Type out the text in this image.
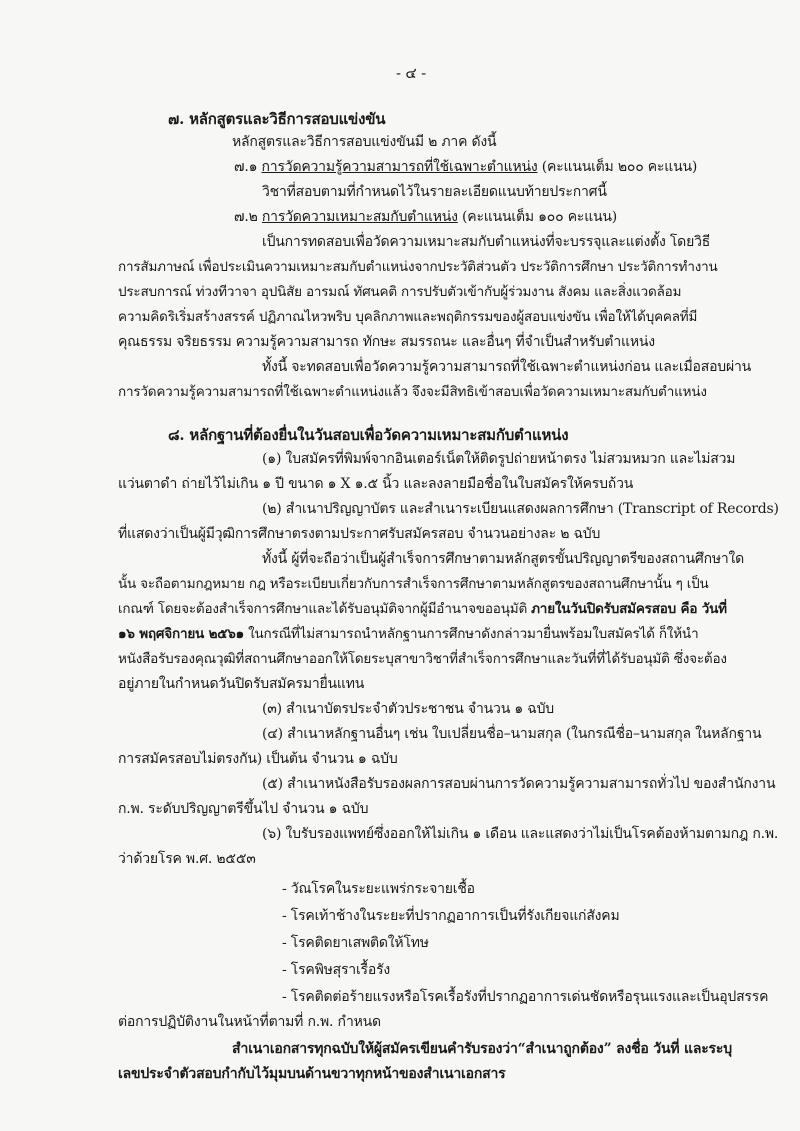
- ๔ -
๗. หลักสูตรและวิธีการสอบแข่งขัน
หลักสูตรและวิธีการสอบแข่งขันมี ๒ ภาค ดังนี้
๗.๑ การวัดความรู้ความสามารถที่ใช้เฉพาะตำแหน่ง (คะแนนเต็ม ๒๐๐ คะแนน)
วิชาที่สอบตามที่กำหนดไว้ในรายละเอียดแนบท้ายประกาศนี้
๗.๒ การวัดความเหมาะสมกับตำแหน่ง (คะแนนเต็ม ๑๐๐ คะแนน)
เป็นการทดสอบเพื่อวัดความเหมาะสมกับตำแหน่งที่จะบรรจุและแต่งตั้ง โดยวิธี
การสัมภาษณ์ เพื่อประเมินความเหมาะสมกับตำแหน่งจากประวัติส่วนตัว ประวัติการศึกษา ประวัติการทำงาน
ประสบการณ์ ท่วงทีวาจา อุปนิสัย อารมณ์ ทัศนคติ การปรับตัวเข้ากับผู้ร่วมงาน สังคม และสิ่งแวดล้อม
ความคิดริเริ่มสร้างสรรค์ ปฏิภาณไหวพริบ บุคลิกภาพและพฤติกรรมของผู้สอบแข่งขัน เพื่อให้ได้บุคคลที่มี
คุณธรรม จริยธรรม ความรู้ความสามารถ ทักษะ สมรรถนะ และอื่นๆ ที่จำเป็นสำหรับตำแหน่ง
ทั้งนี้ จะทดสอบเพื่อวัดความรู้ความสามารถที่ใช้เฉพาะตำแหน่งก่อน และเมื่อสอบผ่าน
การวัดความรู้ความสามารถที่ใช้เฉพาะตำแหน่งแล้ว จึงจะมีสิทธิเข้าสอบเพื่อวัดความเหมาะสมกับตำแหน่ง
๘. หลักฐานที่ต้องยื่นในวันสอบเพื่อวัดความเหมาะสมกับตำแหน่ง
(๑) ใบสมัครที่พิมพ์จากอินเตอร์เน็ตให้ติดรูปถ่ายหน้าตรง ไม่สวมหมวก และไม่สวม
แว่นตาดำ ถ่ายไว้ไม่เกิน ๑ ปี ขนาด ๑ X ๑.๕ นิ้ว และลงลายมือชื่อในใบสมัครให้ครบถ้วน
(๒) สำเนาปริญญาบัตร และสำเนาระเบียนแสดงผลการศึกษา (Transcript of Records)
ที่แสดงว่าเป็นผู้มีวุฒิการศึกษาตรงตามประกาศรับสมัครสอบ จำนวนอย่างละ ๒ ฉบับ
ทั้งนี้ ผู้ที่จะถือว่าเป็นผู้สำเร็จการศึกษาตามหลักสูตรขั้นปริญญาตรีของสถานศึกษาใด
นั้น จะถือตามกฎหมาย กฎ หรือระเบียบเกี่ยวกับการสำเร็จการศึกษาตามหลักสูตรของสถานศึกษานั้น ๆ เป็น
เกณฑ์ โดยจะต้องสำเร็จการศึกษาและได้รับอนุมัติจากผู้มีอำนาจขออนุมัติ ภายในวันปิดรับสมัครสอบ คือ วันที่
๑๖ พฤศจิกายน ๒๕๖๑ ในกรณีที่ไม่สามารถนำหลักฐานการศึกษาดังกล่าวมายื่นพร้อมใบสมัครได้ ก็ให้นำ
หนังสือรับรองคุณวุฒิที่สถานศึกษาออกให้โดยระบุสาขาวิชาที่สำเร็จการศึกษาและวันที่ที่ได้รับอนุมัติ ซึ่งจะต้อง
อยู่ภายในกำหนดวันปิดรับสมัครมายื่นแทน
(๓) สำเนาบัตรประจำตัวประชาชน จำนวน ๑ ฉบับ
(๔) สำเนาหลักฐานอื่นๆ เช่น ใบเปลี่ยนชื่อ–นามสกุล (ในกรณีชื่อ–นามสกุล ในหลักฐาน
การสมัครสอบไม่ตรงกัน) เป็นต้น จำนวน ๑ ฉบับ
(๕) สำเนาหนังสือรับรองผลการสอบผ่านการวัดความรู้ความสามารถทั่วไป ของสำนักงาน
ก.พ. ระดับปริญญาตรีขึ้นไป จำนวน ๑ ฉบับ
(๖) ใบรับรองแพทย์ซึ่งออกให้ไม่เกิน ๑ เดือน และแสดงว่าไม่เป็นโรคต้องห้ามตามกฎ ก.พ.
ว่าด้วยโรค พ.ศ. ๒๕๕๓
- วัณโรคในระยะแพร่กระจายเชื้อ
- โรคเท้าช้างในระยะที่ปรากฏอาการเป็นที่รังเกียจแก่สังคม
- โรคติดยาเสพติดให้โทษ
- โรคพิษสุราเรื้อรัง
- โรคติดต่อร้ายแรงหรือโรคเรื้อรังที่ปรากฏอาการเด่นชัดหรือรุนแรงและเป็นอุปสรรค
ต่อการปฏิบัติงานในหน้าที่ตามที่ ก.พ. กำหนด
สำเนาเอกสารทุกฉบับให้ผู้สมัครเขียนคำรับรองว่า“สำเนาถูกต้อง” ลงชื่อ วันที่ และระบุ
เลขประจำตัวสอบกำกับไว้มุมบนด้านขวาทุกหน้าของสำเนาเอกสาร
